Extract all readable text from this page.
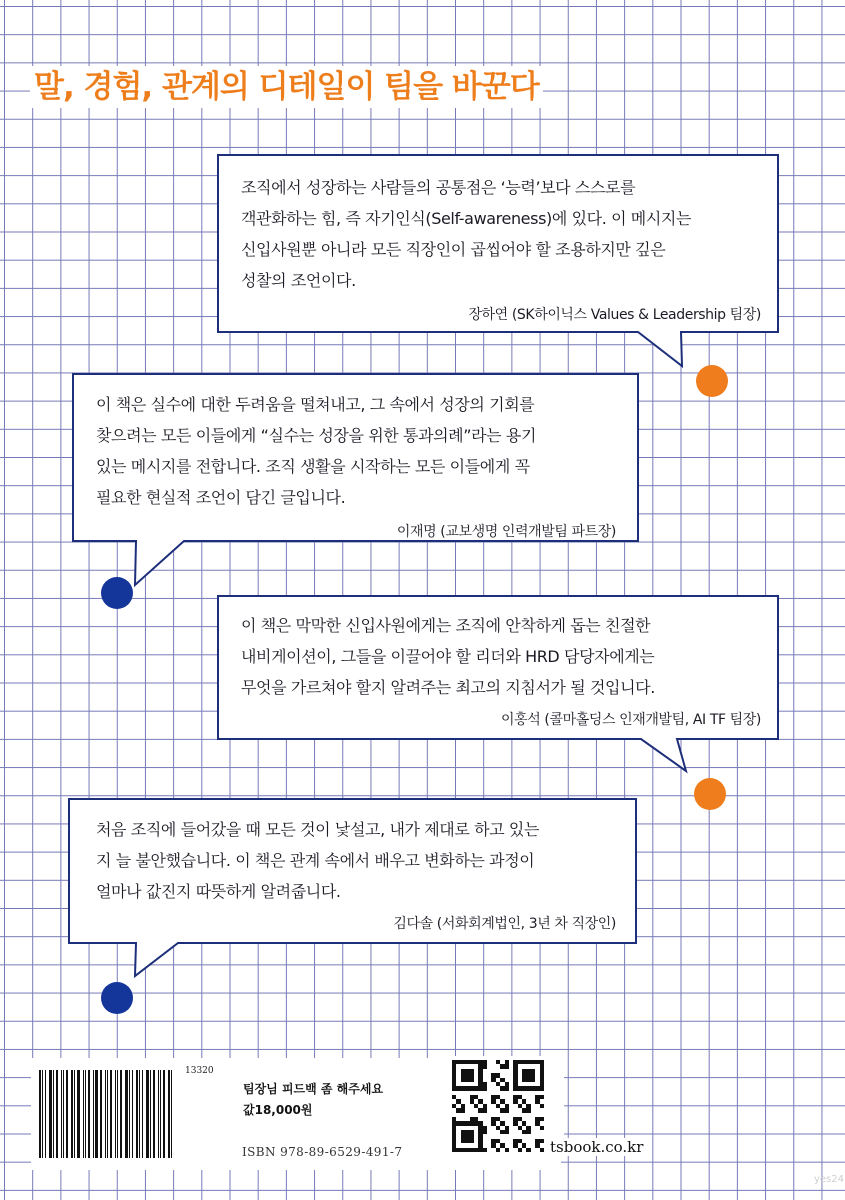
말, 경험, 관계의 디테일이 팀을 바꾼다

조직에서 성장하는 사람들의 공통점은 ‘능력’보다 스스로를
객관화하는 힘, 즉 자기인식(Self-awareness)에 있다. 이 메시지는
신입사원뿐 아니라 모든 직장인이 곱씹어야 할 조용하지만 깊은
성찰의 조언이다.

장하연 (SK하이닉스 Values & Leadership 팀장)

이 책은 실수에 대한 두려움을 떨쳐내고, 그 속에서 성장의 기회를
찾으려는 모든 이들에게 “실수는 성장을 위한 통과의례”라는 용기
있는 메시지를 전합니다. 조직 생활을 시작하는 모든 이들에게 꼭
필요한 현실적 조언이 담긴 글입니다.

이재명 (교보생명 인력개발팀 파트장)

이 책은 막막한 신입사원에게는 조직에 안착하게 돕는 친절한
내비게이션이, 그들을 이끌어야 할 리더와 HRD 담당자에게는
무엇을 가르쳐야 할지 알려주는 최고의 지침서가 될 것입니다.

이홍석 (콜마홀딩스 인재개발팀, AI TF 팀장)

처음 조직에 들어갔을 때 모든 것이 낯설고, 내가 제대로 하고 있는
지 늘 불안했습니다. 이 책은 관계 속에서 배우고 변화하는 과정이
얼마나 값진지 따뜻하게 알려줍니다.

김다솔 (서화회계법인, 3년 차 직장인)

13320
팀장님 피드백 좀 해주세요
값18,000원
ISBN 978-89-6529-491-7	tsbook.co.kr
yes24
